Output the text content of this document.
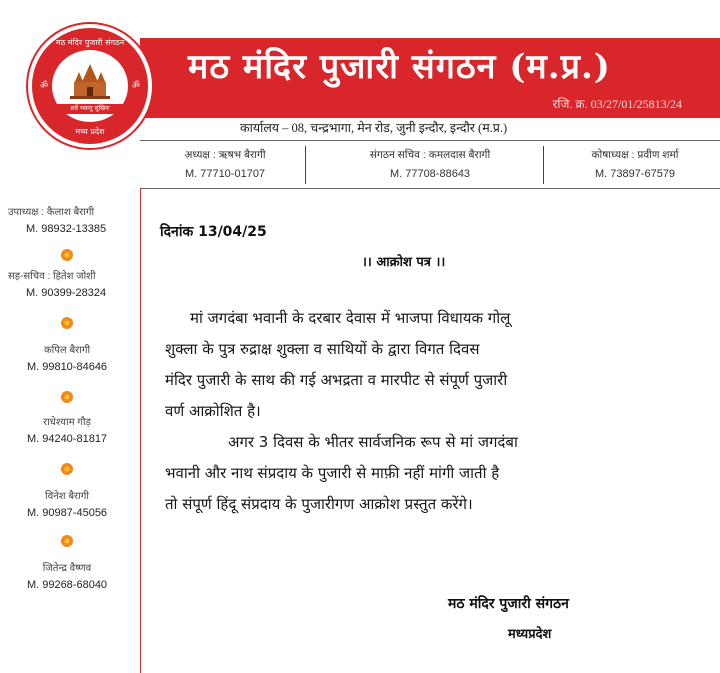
मठ मंदिर पुजारी संगठन (म.प्र.)
रजि. क्र. 03/27/01/25813/24
मठ मंदिर पुजारी संगठन
ॐ	ॐ
सर्वे भवन्तु सुखिनः
मध्य प्रदेश	कार्यालय – 08, चन्द्रभागा, मेन रोड, जुनी इन्दौर, इन्दौर (म.प्र.)
अध्यक्ष : ऋषभ बैरागी
M. 77710-01707
संगठन सचिव : कमलदास बैरागी
M. 77708-88643
कोषाध्यक्ष : प्रवीण शर्मा
M. 73897-67579
उपाध्यक्ष : कैलाश बैरागी
M. 98932-13385
सह-सचिव : हितेश जोशी
M. 90399-28324
कपिल बैरागी
M. 99810-84646
राधेश्याम गौड़
M. 94240-81817
विनेश बैरागी
M. 90987-45056
जितेन्द्र वैष्णव
M. 99268-68040
दिनांक 13/04/25
।। आक्रोश पत्र ।।
मां जगदंबा भवानी के दरबार देवास में भाजपा विधायक गोलू
शुक्ला के पुत्र रुद्राक्ष शुक्ला व साथियों के द्वारा विगत दिवस
मंदिर पुजारी के साथ की गई अभद्रता व मारपीट से संपूर्ण पुजारी
वर्ण आक्रोशित है।
अगर 3 दिवस के भीतर सार्वजनिक रूप से मां जगदंबा
भवानी और नाथ संप्रदाय के पुजारी से माफ़ी नहीं मांगी जाती है
तो संपूर्ण हिंदू संप्रदाय के पुजारीगण आक्रोश प्रस्तुत करेंगे।
मठ मंदिर पुजारी संगठन
मध्यप्रदेश
